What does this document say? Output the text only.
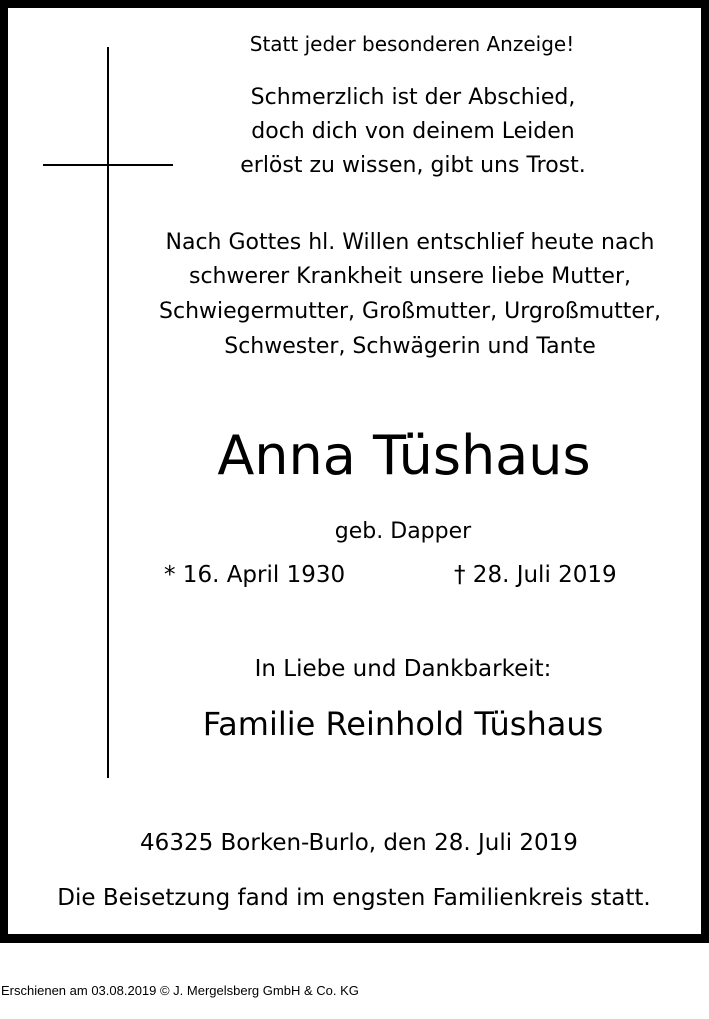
Statt jeder besonderen Anzeige!
Schmerzlich ist der Abschied,
doch dich von deinem Leiden
erlöst zu wissen, gibt uns Trost.
Nach Gottes hl. Willen entschlief heute nach
schwerer Krankheit unsere liebe Mutter,
Schwiegermutter, Großmutter, Urgroßmutter,
Schwester, Schwägerin und Tante
Anna Tüshaus
geb. Dapper
* 16. April 1930	† 28. Juli 2019
In Liebe und Dankbarkeit:
Familie Reinhold Tüshaus
46325 Borken-Burlo, den 28. Juli 2019
Die Beisetzung fand im engsten Familienkreis statt.
Erschienen am 03.08.2019 © J. Mergelsberg GmbH & Co. KG
